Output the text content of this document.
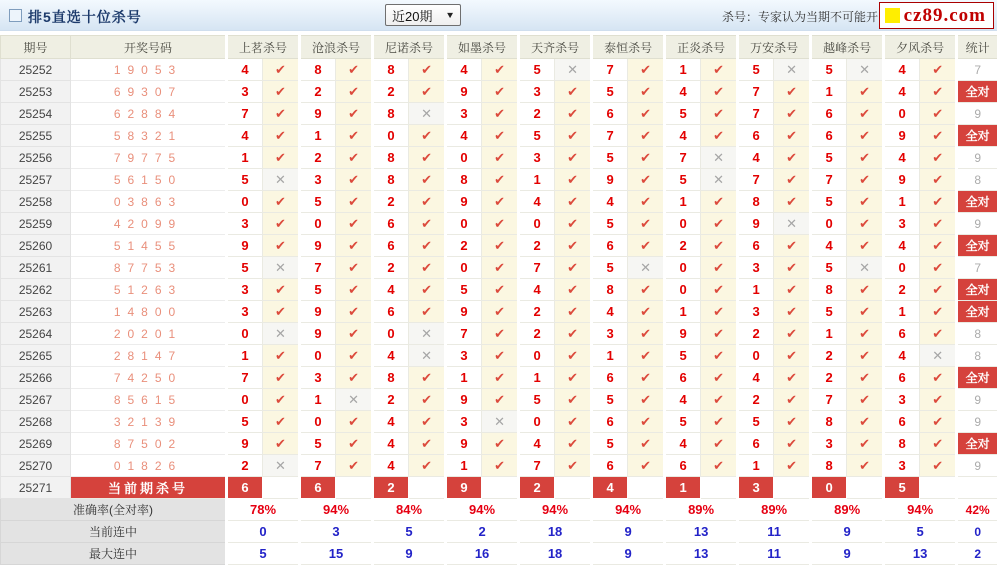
排5直选十位杀号	近20期 ▼	杀号：专家认为当期不可能开 cz89.com
期号	开奖号码	上茗杀号		沧浪杀号		尼诺杀号		如墨杀号		天齐杀号		泰恒杀号		正炎杀号		万安杀号		越峰杀号		夕风杀号		统计
25252	19053	4	✔	8	✔	8	✔	4	✔	5	✕	7	✔	1	✔	5	✕	5	✕	4	✔	7
25253	69307	3	✔	2	✔	2	✔	9	✔	3	✔	5	✔	4	✔	7	✔	1	✔	4	✔	全对
25254	62884	7	✔	9	✔	8	✕	3	✔	2	✔	6	✔	5	✔	7	✔	6	✔	0	✔	9
25255	58321	4	✔	1	✔	0	✔	4	✔	5	✔	7	✔	4	✔	6	✔	6	✔	9	✔	全对
25256	79775	1	✔	2	✔	8	✔	0	✔	3	✔	5	✔	7	✕	4	✔	5	✔	4	✔	9
25257	56150	5	✕	3	✔	8	✔	8	✔	1	✔	9	✔	5	✕	7	✔	7	✔	9	✔	8
25258	03863	0	✔	5	✔	2	✔	9	✔	4	✔	4	✔	1	✔	8	✔	5	✔	1	✔	全对
25259	42099	3	✔	0	✔	6	✔	0	✔	0	✔	5	✔	0	✔	9	✕	0	✔	3	✔	9
25260	51455	9	✔	9	✔	6	✔	2	✔	2	✔	6	✔	2	✔	6	✔	4	✔	4	✔	全对
25261	87753	5	✕	7	✔	2	✔	0	✔	7	✔	5	✕	0	✔	3	✔	5	✕	0	✔	7
25262	51263	3	✔	5	✔	4	✔	5	✔	4	✔	8	✔	0	✔	1	✔	8	✔	2	✔	全对
25263	14800	3	✔	9	✔	6	✔	9	✔	2	✔	4	✔	1	✔	3	✔	5	✔	1	✔	全对
25264	20201	0	✕	9	✔	0	✕	7	✔	2	✔	3	✔	9	✔	2	✔	1	✔	6	✔	8
25265	28147	1	✔	0	✔	4	✕	3	✔	0	✔	1	✔	5	✔	0	✔	2	✔	4	✕	8
25266	74250	7	✔	3	✔	8	✔	1	✔	1	✔	6	✔	6	✔	4	✔	2	✔	6	✔	全对
25267	85615	0	✔	1	✕	2	✔	9	✔	5	✔	5	✔	4	✔	2	✔	7	✔	3	✔	9
25268	32139	5	✔	0	✔	4	✔	3	✕	0	✔	6	✔	5	✔	5	✔	8	✔	6	✔	9
25269	87502	9	✔	5	✔	4	✔	9	✔	4	✔	5	✔	4	✔	6	✔	3	✔	8	✔	全对
25270	01826	2	✕	7	✔	4	✔	1	✔	7	✔	6	✔	6	✔	1	✔	8	✔	3	✔	9
25271	当前期杀号	6		6		2		9		2		4		1		3		0		5		
准确率(全对率)		78%		94%		84%		94%		94%		94%		89%		89%		89%		94%		42%
当前连中		0		3		5		2		18		9		13		11		9		5		0
最大连中		5		15		9		16		18		9		13		11		9		13		2
